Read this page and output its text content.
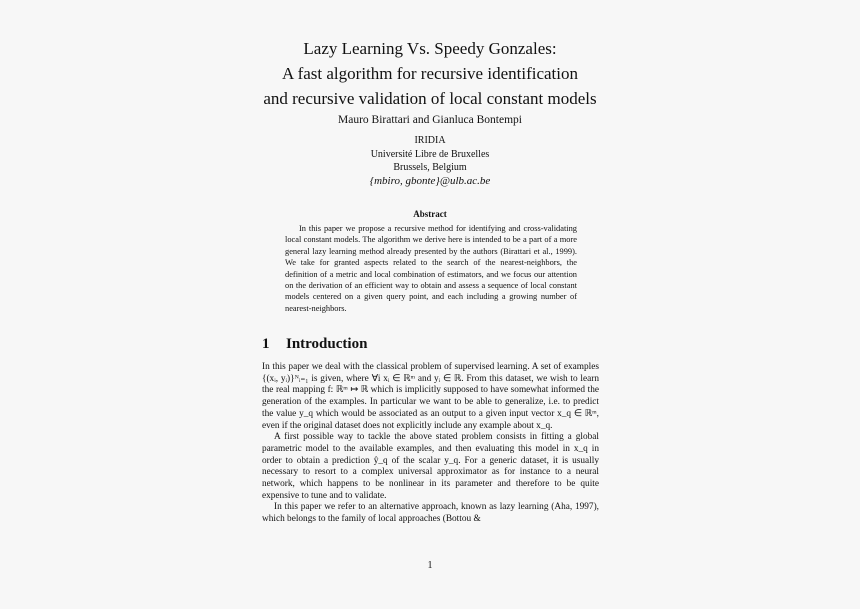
Lazy Learning Vs. Speedy Gonzales:
A fast algorithm for recursive identification
and recursive validation of local constant models
Mauro Birattari and Gianluca Bontempi
IRIDIA
Université Libre de Bruxelles
Brussels, Belgium
{mbiro, gbonte}@ulb.ac.be
Abstract

In this paper we propose a recursive method for identifying and cross-validating local constant models. The algorithm we derive here is intended to be a part of a more general lazy learning method already presented by the authors (Birattari et al., 1999). We take for granted aspects related to the search of the nearest-neighbors, the definition of a metric and local combination of estimators, and we focus our attention on the derivation of an efficient way to obtain and assess a sequence of local constant models centered on a given query point, and each including a growing number of nearest-neighbors.

1 Introduction

In this paper we deal with the classical problem of supervised learning. A set of examples {(xᵢ, yᵢ)}ᴺᵢ₌₁ is given, where ∀i xᵢ ∈ ℝᵐ and yᵢ ∈ ℝ. From this dataset, we wish to learn the real mapping f: ℝᵐ ↦ ℝ which is implicitly supposed to have somewhat informed the generation of the examples. In particular we want to be able to generalize, i.e. to predict the value y_q which would be associated as an output to a given input vector x_q ∈ ℝᵐ, even if the original dataset does not explicitly include any example about x_q.

A first possible way to tackle the above stated problem consists in fitting a global parametric model to the available examples, and then evaluating this model in x_q in order to obtain a prediction ŷ_q of the scalar y_q. For a generic dataset, it is usually necessary to resort to a complex universal approximator as for instance to a neural network, which happens to be nonlinear in its parameter and therefore to be quite expensive to tune and to validate.

In this paper we refer to an alternative approach, known as lazy learning (Aha, 1997), which belongs to the family of local approaches (Bottou &

1
